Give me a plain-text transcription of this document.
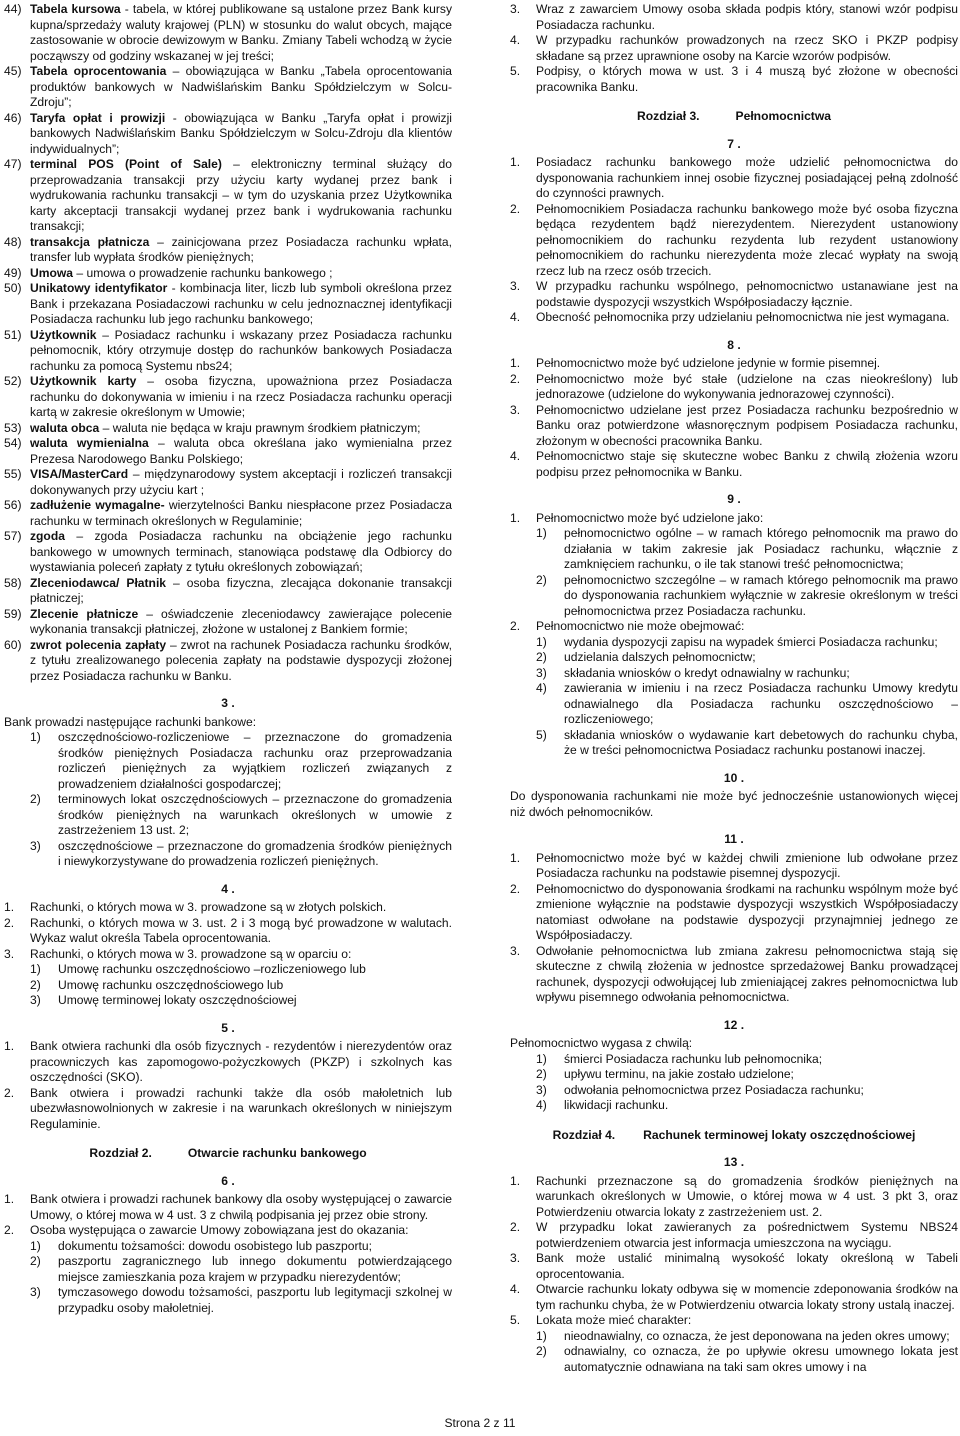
44) Tabela kursowa - tabela, w której publikowane są ustalone przez Bank kursy kupna/sprzedaży waluty krajowej (PLN) w stosunku do walut obcych, mające zastosowanie w obrocie dewizowym w Banku. Zmiany Tabeli wchodzą w życie począwszy od godziny wskazanej w jej treści;
45) Tabela oprocentowania – obowiązująca w Banku „Tabela oprocentowania produktów bankowych w Nadwiślańskim Banku Spółdzielczym w Solcu-Zdroju”;
46) Taryfa opłat i prowizji - obowiązująca w Banku „Taryfa opłat i prowizji bankowych Nadwiślańskim Banku Spółdzielczym w Solcu-Zdroju dla klientów indywidualnych”;
47) terminal POS (Point of Sale) – elektroniczny terminal służący do przeprowadzania transakcji przy użyciu karty wydanej przez bank i wydrukowania rachunku transakcji – w tym do uzyskania przez Użytkownika karty akceptacji transakcji wydanej przez bank i wydrukowania rachunku transakcji;
48) transakcja płatnicza – zainicjowana przez Posiadacza rachunku wpłata, transfer lub wypłata środków pieniężnych;
49) Umowa – umowa o prowadzenie rachunku bankowego ;
50) Unikatowy identyfikator - kombinacja liter, liczb lub symboli określona przez Bank i przekazana Posiadaczowi rachunku w celu jednoznacznej identyfikacji Posiadacza rachunku lub jego rachunku bankowego;
51) Użytkownik – Posiadacz rachunku i wskazany przez Posiadacza rachunku pełnomocnik, który otrzymuje dostęp do rachunków bankowych Posiadacza rachunku za pomocą Systemu nbs24;
52) Użytkownik karty – osoba fizyczna, upoważniona przez Posiadacza rachunku do dokonywania w imieniu i na rzecz Posiadacza rachunku operacji kartą w zakresie określonym w Umowie;
53) waluta obca – waluta nie będąca w kraju prawnym środkiem płatniczym;
54) waluta wymienialna – waluta obca określana jako wymienialna przez Prezesa Narodowego Banku Polskiego;
55) VISA/MasterCard – międzynarodowy system akceptacji i rozliczeń transakcji dokonywanych przy użyciu kart ;
56) zadłużenie wymagalne- wierzytelności Banku niespłacone przez Posiadacza rachunku w terminach określonych w Regulaminie;
57) zgoda – zgoda Posiadacza rachunku na obciążenie jego rachunku bankowego w umownych terminach, stanowiąca podstawę dla Odbiorcy do wystawiania poleceń zapłaty z tytułu określonych zobowiązań;
58) Zleceniodawca/ Płatnik – osoba fizyczna, zlecająca dokonanie transakcji płatniczej;
59) Zlecenie płatnicze – oświadczenie zleceniodawcy zawierające polecenie wykonania transakcji płatniczej, złożone w ustalonej z Bankiem formie;
60) zwrot polecenia zapłaty – zwrot na rachunek Posiadacza rachunku środków, z tytułu zrealizowanego polecenia zapłaty na podstawie dyspozycji złożonej przez Posiadacza rachunku w Banku.
3 .
Bank prowadzi następujące rachunki bankowe:
1)	oszczędnościowo-rozliczeniowe – przeznaczone do gromadzenia środków pieniężnych Posiadacza rachunku oraz przeprowadzania rozliczeń pieniężnych za wyjątkiem rozliczeń związanych z prowadzeniem działalności gospodarczej;
2)	terminowych lokat oszczędnościowych – przeznaczone do gromadzenia środków pieniężnych na warunkach określonych w umowie z zastrzeżeniem 13 ust. 2;
3)	oszczędnościowe – przeznaczone do gromadzenia środków pieniężnych i niewykorzystywane do prowadzenia rozliczeń pieniężnych.
4 .
1.	Rachunki, o których mowa w 3. prowadzone są w złotych polskich.
2.	Rachunki, o których mowa w 3. ust. 2 i 3 mogą być prowadzone w walutach. Wykaz walut określa Tabela oprocentowania.
3.	Rachunki, o których mowa w 3. prowadzone są w oparciu o:
1)	Umowę rachunku oszczędnościowo –rozliczeniowego lub
2)	Umowę rachunku oszczędnościowego lub
3)	Umowę terminowej lokaty oszczędnościowej
5 .
1.	Bank otwiera rachunki dla osób fizycznych - rezydentów i nierezydentów oraz pracowniczych kas zapomogowo-pożyczkowych (PKZP) i szkolnych kas oszczędności (SKO).
2.	Bank otwiera i prowadzi rachunki także dla osób małoletnich lub ubezwłasnowolnionych w zakresie i na warunkach określonych w niniejszym Regulaminie.
Rozdział 2.	Otwarcie rachunku bankowego
6 .
1.	Bank otwiera i prowadzi rachunek bankowy dla osoby występującej o zawarcie Umowy, o której mowa w 4 ust. 3 z chwilą podpisania jej przez obie strony.
2.	Osoba występująca o zawarcie Umowy zobowiązana jest do okazania:
1)	dokumentu tożsamości: dowodu osobistego lub paszportu;
2)	paszportu zagranicznego lub innego dokumentu potwierdzającego miejsce zamieszkania poza krajem w przypadku nierezydentów;
3)	tymczasowego dowodu tożsamości, paszportu lub legitymacji szkolnej w przypadku osoby małoletniej.
3.	Wraz z zawarciem Umowy osoba składa podpis który, stanowi wzór podpisu Posiadacza rachunku.
4.	W przypadku rachunków prowadzonych na rzecz SKO i PKZP podpisy składane są przez uprawnione osoby na Karcie wzorów podpisów.
5.	Podpisy, o których mowa w ust. 3 i 4 muszą być złożone w obecności pracownika Banku.
Rozdział 3.	Pełnomocnictwa
7 .
1.	Posiadacz rachunku bankowego może udzielić pełnomocnictwa do dysponowania rachunkiem innej osobie fizycznej posiadającej pełną zdolność do czynności prawnych.
2.	Pełnomocnikiem Posiadacza rachunku bankowego może być osoba fizyczna będąca rezydentem bądź nierezydentem. Nierezydent ustanowiony pełnomocnikiem do rachunku rezydenta lub rezydent ustanowiony pełnomocnikiem do rachunku nierezydenta może zlecać wypłaty na swoją rzecz lub na rzecz osób trzecich.
3.	W przypadku rachunku wspólnego, pełnomocnictwo ustanawiane jest na podstawie dyspozycji wszystkich Współposiadaczy łącznie.
4.	Obecność pełnomocnika przy udzielaniu pełnomocnictwa nie jest wymagana.
8 .
1.	Pełnomocnictwo może być udzielone jedynie w formie pisemnej.
2.	Pełnomocnictwo może być stałe (udzielone na czas nieokreślony) lub jednorazowe (udzielone do wykonywania jednorazowej czynności).
3.	Pełnomocnictwo udzielane jest przez Posiadacza rachunku bezpośrednio w Banku oraz potwierdzone własnoręcznym podpisem Posiadacza rachunku, złożonym w obecności pracownika Banku.
4.	Pełnomocnictwo staje się skuteczne wobec Banku z chwilą złożenia wzoru podpisu przez pełnomocnika w Banku.
9 .
1.	Pełnomocnictwo może być udzielone jako:
1)	pełnomocnictwo ogólne – w ramach którego pełnomocnik ma prawo do działania w takim zakresie jak Posiadacz rachunku, włącznie z zamknięciem rachunku, o ile tak stanowi treść pełnomocnictwa;
2)	pełnomocnictwo szczególne – w ramach którego pełnomocnik ma prawo do dysponowania rachunkiem wyłącznie w zakresie określonym w treści pełnomocnictwa przez Posiadacza rachunku.
2.	Pełnomocnictwo nie może obejmować:
1)	wydania dyspozycji zapisu na wypadek śmierci Posiadacza rachunku;
2)	udzielania dalszych pełnomocnictw;
3)	składania wniosków o kredyt odnawialny w rachunku;
4)	zawierania w imieniu i na rzecz Posiadacza rachunku Umowy kredytu odnawialnego dla Posiadacza rachunku oszczędnościowo –rozliczeniowego;
5)	składania wniosków o wydawanie kart debetowych do rachunku chyba, że w treści pełnomocnictwa Posiadacz rachunku postanowi inaczej.
10 .
Do dysponowania rachunkami nie może być jednocześnie ustanowionych więcej niż dwóch pełnomocników.
11 .
1.	Pełnomocnictwo może być w każdej chwili zmienione lub odwołane przez Posiadacza rachunku na podstawie pisemnej dyspozycji.
2.	Pełnomocnictwo do dysponowania środkami na rachunku wspólnym może być zmienione wyłącznie na podstawie dyspozycji wszystkich Współposiadaczy natomiast odwołane na podstawie dyspozycji przynajmniej jednego ze Współposiadaczy.
3.	Odwołanie pełnomocnictwa lub zmiana zakresu pełnomocnictwa stają się skuteczne z chwilą złożenia w jednostce sprzedażowej Banku prowadzącej rachunek, dyspozycji odwołującej lub zmieniającej zakres pełnomocnictwa lub wpływu pisemnego odwołania pełnomocnictwa.
12 .
Pełnomocnictwo wygasa z chwilą:
1)	śmierci Posiadacza rachunku lub pełnomocnika;
2)	upływu terminu, na jakie zostało udzielone;
3)	odwołania pełnomocnictwa przez Posiadacza rachunku;
4)	likwidacji rachunku.
Rozdział 4. Rachunek terminowej lokaty oszczędnościowej
13 .
1.	Rachunki przeznaczone są do gromadzenia środków pieniężnych na warunkach określonych w Umowie, o której mowa w 4 ust. 3 pkt 3, oraz Potwierdzeniu otwarcia lokaty z zastrzeżeniem ust. 2.
2.	W przypadku lokat zawieranych za pośrednictwem Systemu NBS24 potwierdzeniem otwarcia jest informacja umieszczona na wyciągu.
3.	Bank może ustalić minimalną wysokość lokaty określoną w Tabeli oprocentowania.
4.	Otwarcie rachunku lokaty odbywa się w momencie zdeponowania środków na tym rachunku chyba, że w Potwierdzeniu otwarcia lokaty strony ustalą inaczej.
5.	Lokata może mieć charakter:
1)	nieodnawialny, co oznacza, że jest deponowana na jeden okres umowy;
2)	odnawialny, co oznacza, że po upływie okresu umownego lokata jest automatycznie odnawiana na taki sam okres umowy i na
Strona 2 z 11
